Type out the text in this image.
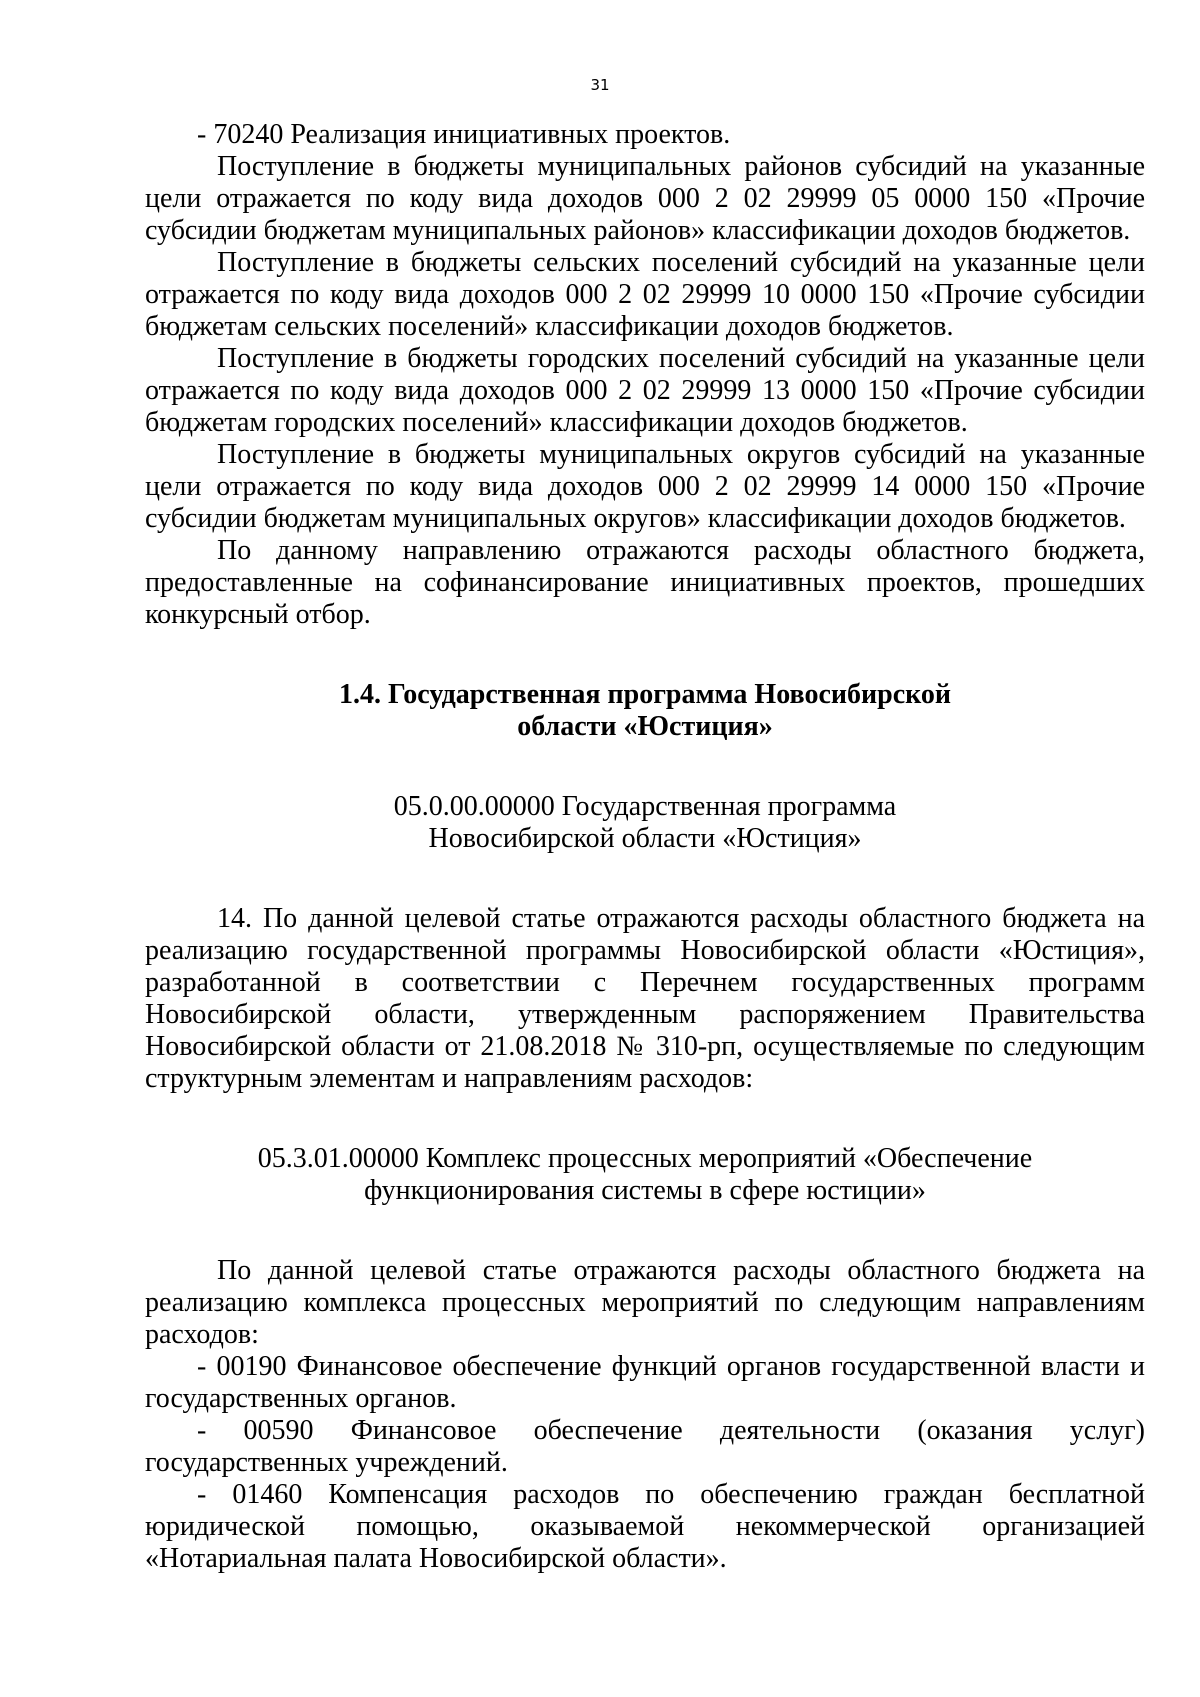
31

- 70240 Реализация инициативных проектов.

Поступление в бюджеты муниципальных районов субсидий на указанные цели отражается по коду вида доходов 000 2 02 29999 05 0000 150 «Прочие субсидии бюджетам муниципальных районов» классификации доходов бюджетов.

Поступление в бюджеты сельских поселений субсидий на указанные цели отражается по коду вида доходов 000 2 02 29999 10 0000 150 «Прочие субсидии бюджетам сельских поселений» классификации доходов бюджетов.

Поступление в бюджеты городских поселений субсидий на указанные цели отражается по коду вида доходов 000 2 02 29999 13 0000 150 «Прочие субсидии бюджетам городских поселений» классификации доходов бюджетов.

Поступление в бюджеты муниципальных округов субсидий на указанные цели отражается по коду вида доходов 000 2 02 29999 14 0000 150 «Прочие субсидии бюджетам муниципальных округов» классификации доходов бюджетов.

По данному направлению отражаются расходы областного бюджета, предоставленные на софинансирование инициативных проектов, прошедших конкурсный отбор.

1.4. Государственная программа Новосибирской области «Юстиция»

05.0.00.00000 Государственная программа
Новосибирской области «Юстиция»

14. По данной целевой статье отражаются расходы областного бюджета на реализацию государственной программы Новосибирской области «Юстиция», разработанной в соответствии с Перечнем государственных программ Новосибирской области, утвержденным распоряжением Правительства Новосибирской области от 21.08.2018 № 310-рп, осуществляемые по следующим структурным элементам и направлениям расходов:

05.3.01.00000 Комплекс процессных мероприятий «Обеспечение
функционирования системы в сфере юстиции»

По данной целевой статье отражаются расходы областного бюджета на реализацию комплекса процессных мероприятий по следующим направлениям расходов:

- 00190 Финансовое обеспечение функций органов государственной власти и государственных органов.

- 00590 Финансовое обеспечение деятельности (оказания услуг) государственных учреждений.

- 01460 Компенсация расходов по обеспечению граждан бесплатной юридической помощью, оказываемой некоммерческой организацией «Нотариальная палата Новосибирской области».
